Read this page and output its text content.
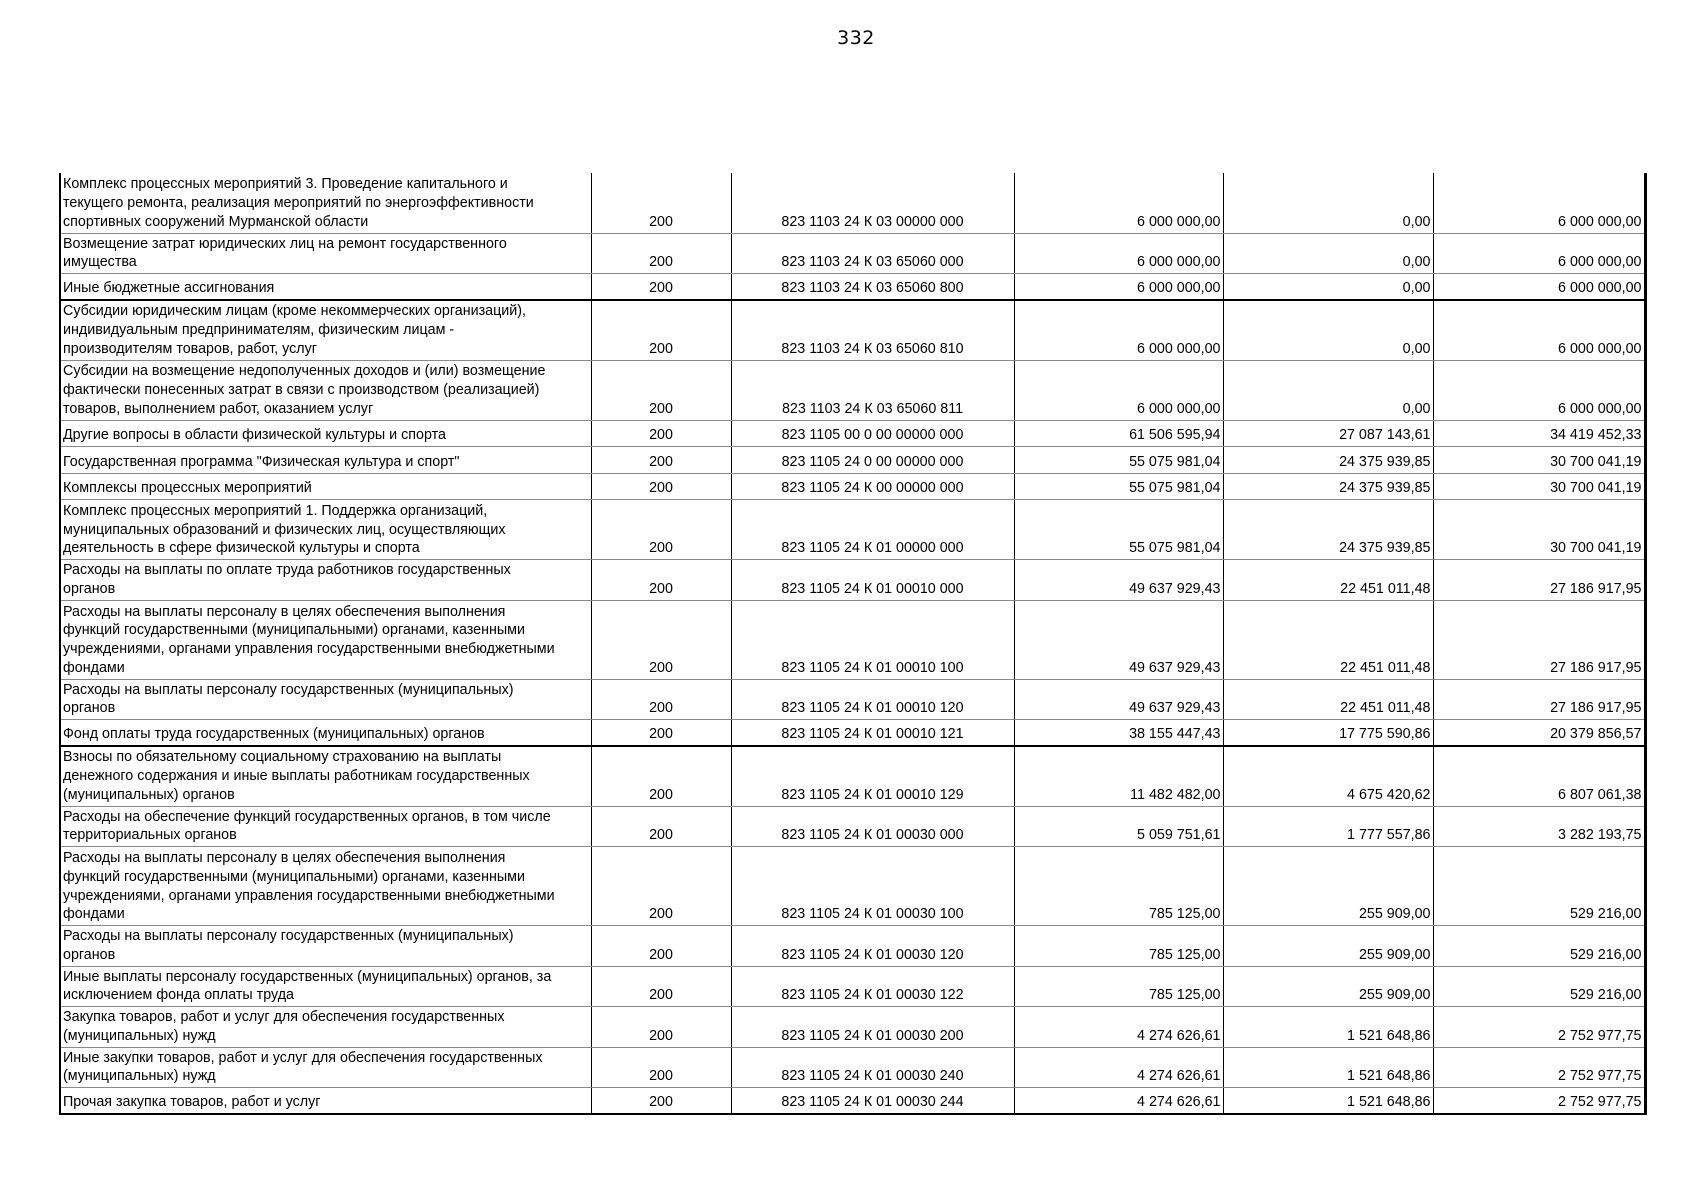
332
Комплекс процессных мероприятий 3. Проведение капитального и
текущего ремонта, реализация мероприятий по энергоэффективности
спортивных сооружений Мурманской области	200	823 1103 24 К 03 00000 000	6 000 000,00	0,00	6 000 000,00
Возмещение затрат юридических лиц на ремонт государственного
имущества	200	823 1103 24 К 03 65060 000	6 000 000,00	0,00	6 000 000,00
Иные бюджетные ассигнования	200	823 1103 24 К 03 65060 800	6 000 000,00	0,00	6 000 000,00
Субсидии юридическим лицам (кроме некоммерческих организаций),
индивидуальным предпринимателям, физическим лицам -
производителям товаров, работ, услуг	200	823 1103 24 К 03 65060 810	6 000 000,00	0,00	6 000 000,00
Субсидии на возмещение недополученных доходов и (или) возмещение
фактически понесенных затрат в связи с производством (реализацией)
товаров, выполнением работ, оказанием услуг	200	823 1103 24 К 03 65060 811	6 000 000,00	0,00	6 000 000,00
Другие вопросы в области физической культуры и спорта	200	823 1105 00 0 00 00000 000	61 506 595,94	27 087 143,61	34 419 452,33
Государственная программа "Физическая культура и спорт"	200	823 1105 24 0 00 00000 000	55 075 981,04	24 375 939,85	30 700 041,19
Комплексы процессных мероприятий	200	823 1105 24 К 00 00000 000	55 075 981,04	24 375 939,85	30 700 041,19
Комплекс процессных мероприятий 1. Поддержка организаций,
муниципальных образований и физических лиц, осуществляющих
деятельность в сфере физической культуры и спорта	200	823 1105 24 К 01 00000 000	55 075 981,04	24 375 939,85	30 700 041,19
Расходы на выплаты по оплате труда работников государственных
органов	200	823 1105 24 К 01 00010 000	49 637 929,43	22 451 011,48	27 186 917,95
Расходы на выплаты персоналу в целях обеспечения выполнения
функций государственными (муниципальными) органами, казенными
учреждениями, органами управления государственными внебюджетными
фондами	200	823 1105 24 К 01 00010 100	49 637 929,43	22 451 011,48	27 186 917,95
Расходы на выплаты персоналу государственных (муниципальных)
органов	200	823 1105 24 К 01 00010 120	49 637 929,43	22 451 011,48	27 186 917,95
Фонд оплаты труда государственных (муниципальных) органов	200	823 1105 24 К 01 00010 121	38 155 447,43	17 775 590,86	20 379 856,57
Взносы по обязательному социальному страхованию на выплаты
денежного содержания и иные выплаты работникам государственных
(муниципальных) органов	200	823 1105 24 К 01 00010 129	11 482 482,00	4 675 420,62	6 807 061,38
Расходы на обеспечение функций государственных органов, в том числе
территориальных органов	200	823 1105 24 К 01 00030 000	5 059 751,61	1 777 557,86	3 282 193,75
Расходы на выплаты персоналу в целях обеспечения выполнения
функций государственными (муниципальными) органами, казенными
учреждениями, органами управления государственными внебюджетными
фондами	200	823 1105 24 К 01 00030 100	785 125,00	255 909,00	529 216,00
Расходы на выплаты персоналу государственных (муниципальных)
органов	200	823 1105 24 К 01 00030 120	785 125,00	255 909,00	529 216,00
Иные выплаты персоналу государственных (муниципальных) органов, за
исключением фонда оплаты труда	200	823 1105 24 К 01 00030 122	785 125,00	255 909,00	529 216,00
Закупка товаров, работ и услуг для обеспечения государственных
(муниципальных) нужд	200	823 1105 24 К 01 00030 200	4 274 626,61	1 521 648,86	2 752 977,75
Иные закупки товаров, работ и услуг для обеспечения государственных
(муниципальных) нужд	200	823 1105 24 К 01 00030 240	4 274 626,61	1 521 648,86	2 752 977,75
Прочая закупка товаров, работ и услуг	200	823 1105 24 К 01 00030 244	4 274 626,61	1 521 648,86	2 752 977,75
